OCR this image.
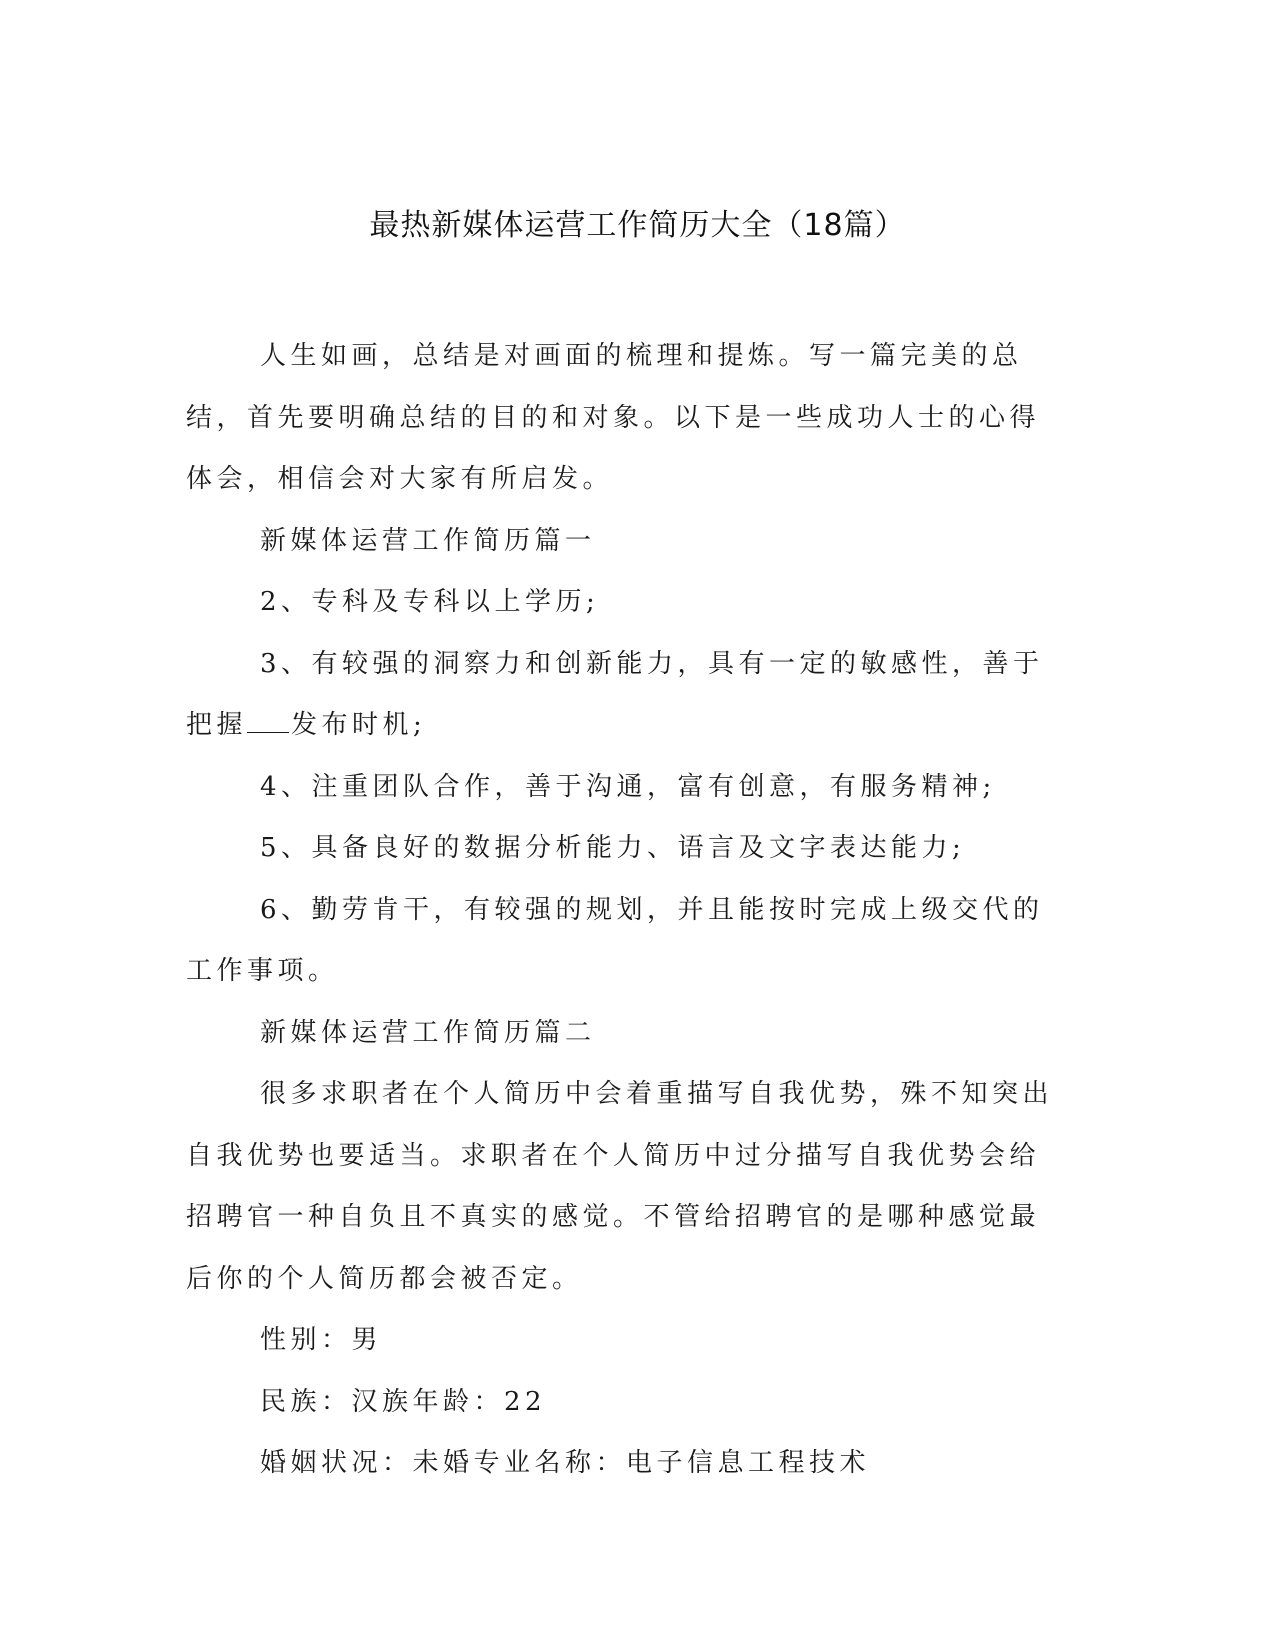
最热新媒体运营工作简历大全（18篇）

人生如画，总结是对画面的梳理和提炼。写一篇完美的总结，首先要明确总结的目的和对象。以下是一些成功人士的心得体会，相信会对大家有所启发。

新媒体运营工作简历篇一

2、专科及专科以上学历;

3、有较强的洞察力和创新能力，具有一定的敏感性，善于把握 发布时机;

4、注重团队合作，善于沟通，富有创意，有服务精神;

5、具备良好的数据分析能力、语言及文字表达能力;

6、勤劳肯干，有较强的规划，并且能按时完成上级交代的工作事项。

新媒体运营工作简历篇二

很多求职者在个人简历中会着重描写自我优势，殊不知突出自我优势也要适当。求职者在个人简历中过分描写自我优势会给招聘官一种自负且不真实的感觉。不管给招聘官的是哪种感觉最后你的个人简历都会被否定。

性别：男

民族：汉族年龄：22

婚姻状况：未婚专业名称：电子信息工程技术
